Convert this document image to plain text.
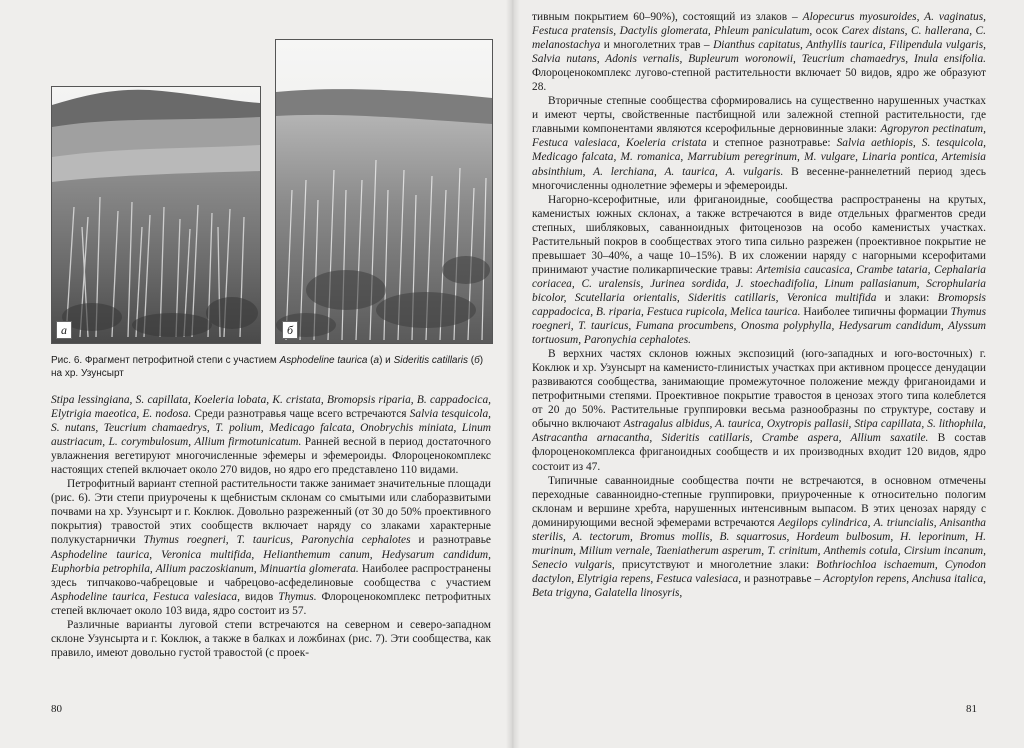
а	б
Рис. 6. Фрагмент петрофитной степи с участием Asphodeline taurica (а) и Sideritis catillaris (б) на хр. Узунсырт

Stipa lessingiana, S. capillata, Koeleria lobata, K. cristata, Bromopsis riparia, B. cappadocica, Elytrigia maeotica, E. nodosa. Среди разнотравья чаще всего встречаются Salvia tesquicola, S. nutans, Teucrium chamaedrys, T. polium, Medicago falcata, Onobrychis miniata, Linum austriacum, L. corymbulosum, Allium firmotunicatum. Ранней весной в период достаточного увлажнения вегетируют многочисленные эфемеры и эфемероиды. Флороценокомплекс настоящих степей включает около 270 видов, но ядро его представлено 110 видами.

Петрофитный вариант степной растительности также занимает значительные площади (рис. 6). Эти степи приурочены к щебнистым склонам со смытыми или слаборазвитыми почвами на хр. Узунсырт и г. Коклюк. Довольно разреженный (от 30 до 50% проективного покрытия) травостой этих сообществ включает наряду со злаками характерные полукустарнички Thymus roegneri, T. tauricus, Paronychia cephalotes и разнотравье Asphodeline taurica, Veronica multifida, Helianthemum canum, Hedysarum candidum, Euphorbia petrophila, Allium paczoskianum, Minuartia glomerata. Наиболее распространены здесь типчаково-чабрецовые и чабрецово-асфеделиновые сообщества с участием Asphodeline taurica, Festuca valesiaca, видов Thymus. Флороценокомплекс петрофитных степей включает около 103 вида, ядро состоит из 57.

Различные варианты луговой степи встречаются на северном и северо-западном склоне Узунсырта и г. Коклюк, а также в балках и ложбинах (рис. 7). Эти сообщества, как правило, имеют довольно густой травостой (с проек-

80

тивным покрытием 60–90%), состоящий из злаков – Alopecurus myosuroides, A. vaginatus, Festuca pratensis, Dactylis glomerata, Phleum paniculatum, осок Carex distans, C. hallerana, C. melanostachya и многолетних трав – Dianthus capitatus, Anthyllis taurica, Filipendula vulgaris, Salvia nutans, Adonis vernalis, Bupleurum woronowii, Teucrium chamaedrys, Inula ensifolia. Флороценокомплекс лугово-степной растительности включает 50 видов, ядро же образуют 28.

Вторичные степные сообщества сформировались на существенно нарушенных участках и имеют черты, свойственные пастбищной или залежной степной растительности, где главными компонентами являются ксерофильные дерновинные злаки: Agropyron pectinatum, Festuca valesiaca, Koeleria cristata и степное разнотравье: Salvia aethiopis, S. tesquicola, Medicago falcata, M. romanica, Marrubium peregrinum, M. vulgare, Linaria pontica, Artemisia absinthium, A. lerchiana, A. taurica, A. vulgaris. В весенне-раннелетний период здесь многочисленны однолетние эфемеры и эфемероиды.

Нагорно-ксерофитные, или фриганоидные, сообщества распространены на крутых, каменистых южных склонах, а также встречаются в виде отдельных фрагментов среди степных, шибляковых, саванноидных фитоценозов на особо каменистых участках. Растительный покров в сообществах этого типа сильно разрежен (проективное покрытие не превышает 30–40%, а чаще 10–15%). В их сложении наряду с нагорными ксерофитами принимают участие поликарпические травы: Artemisia caucasica, Crambe tataria, Cephalaria coriacea, C. uralensis, Jurinea sordida, J. stoechadifolia, Linum pallasianum, Scrophularia bicolor, Scutellaria orientalis, Sideritis catillaris, Veronica multifida и злаки: Bromopsis cappadocica, B. riparia, Festuca rupicola, Melica taurica. Наиболее типичны формации Thymus roegneri, T. tauricus, Fumana procumbens, Onosma polyphylla, Hedysarum candidum, Alyssum tortuosum, Paronychia cephalotes.

В верхних частях склонов южных экспозиций (юго-западных и юго-восточных) г. Коклюк и хр. Узунсырт на каменисто-глинистых участках при активном процессе денудации развиваются сообщества, занимающие промежуточное положение между фриганоидами и петрофитными степями. Проективное покрытие травостоя в ценозах этого типа колеблется от 20 до 50%. Растительные группировки весьма разнообразны по структуре, составу и обычно включают Astragalus albidus, A. taurica, Oxytropis pallasii, Stipa capillata, S. lithophila, Astracantha arnacantha, Sideritis catillaris, Crambe aspera, Allium saxatile. В состав флороценокомплекса фриганоидных сообществ и их производных входит 120 видов, ядро состоит из 47.

Типичные саванноидные сообщества почти не встречаются, в основном отмечены переходные саванноидно-степные группировки, приуроченные к относительно пологим склонам и вершине хребта, нарушенных интенсивным выпасом. В этих ценозах наряду с доминирующими весной эфемерами встречаются Aegilops cylindrica, A. triuncialis, Anisantha sterilis, A. tectorum, Bromus mollis, B. squarrosus, Hordeum bulbosum, H. leporinum, H. murinum, Milium vernale, Taeniatherum asperum, T. crinitum, Anthemis cotula, Cirsium incanum, Senecio vulgaris, присутствуют и многолетние злаки: Bothriochloa ischaemum, Cynodon dactylon, Elytrigia repens, Festuca valesiaca, и разнотравье – Acroptylon repens, Anchusa italica, Beta trigyna, Galatella linosyris,

81
